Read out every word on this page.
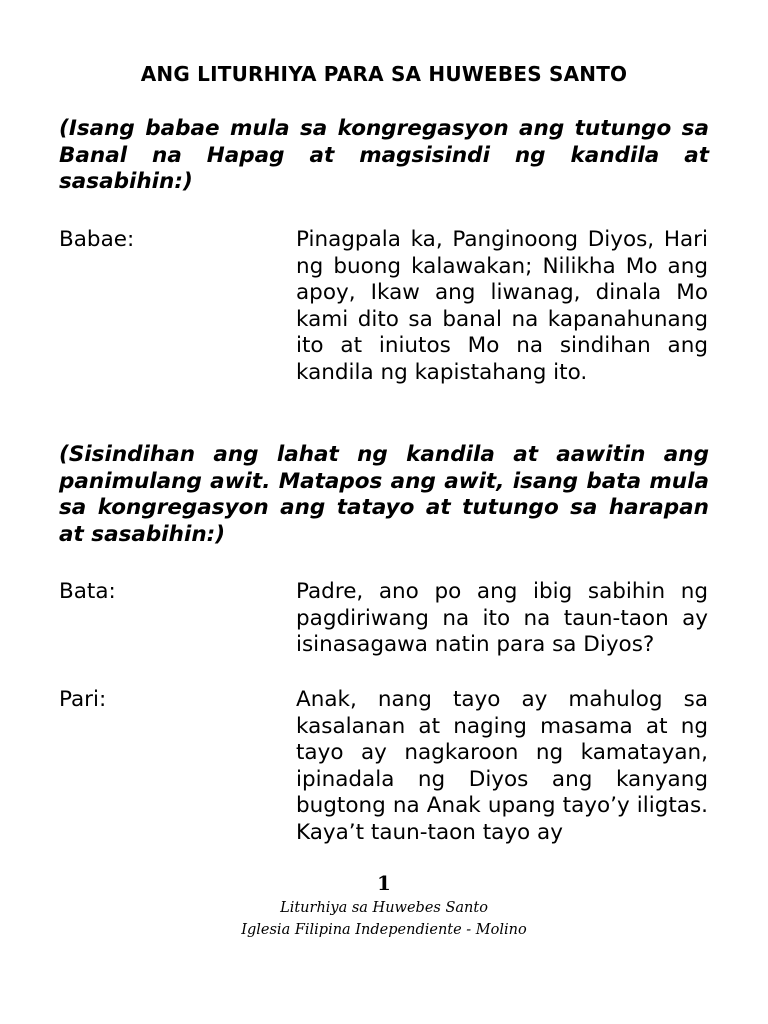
ANG LITURHIYA PARA SA HUWEBES SANTO
(Isang babae mula sa kongregasyon ang tutungo sa Banal na Hapag at magsisindi ng kandila at sasabihin:)
Babae:	Pinagpala ka, Panginoong Diyos, Hari ng buong kalawakan; Nilikha Mo ang apoy, Ikaw ang liwanag, dinala Mo kami dito sa banal na kapanahunang ito at iniutos Mo na sindihan ang kandila ng kapistahang ito.
(Sisindihan ang lahat ng kandila at aawitin ang panimulang awit. Matapos ang awit, isang bata mula sa kongregasyon ang tatayo at tutungo sa harapan at sasabihin:)
Bata:	Padre, ano po ang ibig sabihin ng pagdiriwang na ito na taun-taon ay isinasagawa natin para sa Diyos?
Pari:	Anak, nang tayo ay mahulog sa kasalanan at naging masama at ng tayo ay nagkaroon ng kamatayan, ipinadala ng Diyos ang kanyang bugtong na Anak upang tayo’y iligtas. Kaya’t taun-taon tayo ay
1
Liturhiya sa Huwebes Santo
Iglesia Filipina Independiente - Molino
